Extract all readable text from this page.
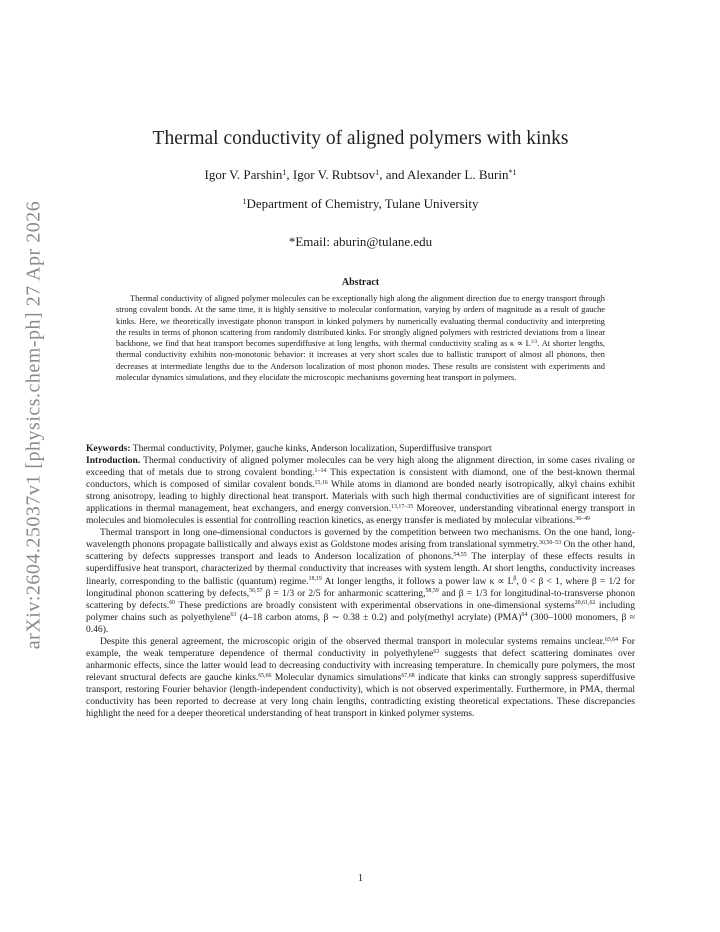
arXiv:2604.25037v1 [physics.chem-ph] 27 Apr 2026
Thermal conductivity of aligned polymers with kinks
Igor V. Parshin$^1$, Igor V. Rubtsov$^1$, and Alexander L. Burin$^{*1}$
$^1$Department of Chemistry, Tulane University
*Email: aburin@tulane.edu
Abstract
Thermal conductivity of aligned polymer molecules can be exceptionally high along the alignment direction due to energy transport through strong covalent bonds. At the same time, it is highly sensitive to molecular conformation, varying by orders of magnitude as a result of gauche kinks. Here, we theoretically investigate phonon transport in kinked polymers by numerically evaluating thermal conductivity and interpreting the results in terms of phonon scattering from randomly distributed kinks. For strongly aligned polymers with restricted deviations from a linear backbone, we find that heat transport becomes superdiffusive at long lengths, with thermal conductivity scaling as $\kappa \propto L^{1/3}$. At shorter lengths, thermal conductivity exhibits non-monotonic behavior: it increases at very short scales due to ballistic transport of almost all phonons, then decreases at intermediate lengths due to the Anderson localization of most phonon modes. These results are consistent with experiments and molecular dynamics simulations, and they elucidate the microscopic mechanisms governing heat transport in polymers.

Keywords: Thermal conductivity, Polymer, gauche kinks, Anderson localization, Superdiffusive transport

Introduction. Thermal conductivity of aligned polymer molecules can be very high along the alignment direction, in some cases rivaling or exceeding that of metals due to strong covalent bonding.$^{1-14}$ This expectation is consistent with diamond, one of the best-known thermal conductors, which is composed of similar covalent bonds.$^{15,16}$ While atoms in diamond are bonded nearly isotropically, alkyl chains exhibit strong anisotropy, leading to highly directional heat transport. Materials with such high thermal conductivities are of significant interest for applications in thermal management, heat exchangers, and energy conversion.$^{13,17-35}$ Moreover, understanding vibrational energy transport in molecules and biomolecules is essential for controlling reaction kinetics, as energy transfer is mediated by molecular vibrations.$^{36-49}$

Thermal transport in long one-dimensional conductors is governed by the competition between two mechanisms. On the one hand, long-wavelength phonons propagate ballistically and always exist as Goldstone modes arising from translational symmetry.$^{30,50-53}$ On the other hand, scattering by defects suppresses transport and leads to Anderson localization of phonons.$^{54,55}$ The interplay of these effects results in superdiffusive heat transport, characterized by thermal conductivity that increases with system length. At short lengths, conductivity increases linearly, corresponding to the ballistic (quantum) regime.$^{18,19}$ At longer lengths, it follows a power law $\kappa \propto L^\beta$, 0 < β < 1, where β = 1/2 for longitudinal phonon scattering by defects,$^{56,57}$ β = 1/3 or 2/5 for anharmonic scattering,$^{58,59}$ and β = 1/3 for longitudinal-to-transverse phonon scattering by defects.$^{60}$ These predictions are broadly consistent with experimental observations in one-dimensional systems$^{20,61,62}$ including polymer chains such as polyethylene$^{63}$ (4–18 carbon atoms, β ∼ 0.38 ± 0.2) and poly(methyl acrylate) (PMA)$^{64}$ (300–1000 monomers, β ≈ 0.46).

Despite this general agreement, the microscopic origin of the observed thermal transport in molecular systems remains unclear.$^{63,64}$ For example, the weak temperature dependence of thermal conductivity in polyethylene$^{63}$ suggests that defect scattering dominates over anharmonic effects, since the latter would lead to decreasing conductivity with increasing temperature. In chemically pure polymers, the most relevant structural defects are gauche kinks.$^{65,66}$ Molecular dynamics simulations$^{67,68}$ indicate that kinks can strongly suppress superdiffusive transport, restoring Fourier behavior (length-independent conductivity), which is not observed experimentally. Furthermore, in PMA, thermal conductivity has been reported to decrease at very long chain lengths, contradicting existing theoretical expectations. These discrepancies highlight the need for a deeper theoretical understanding of heat transport in kinked polymer systems.

1
